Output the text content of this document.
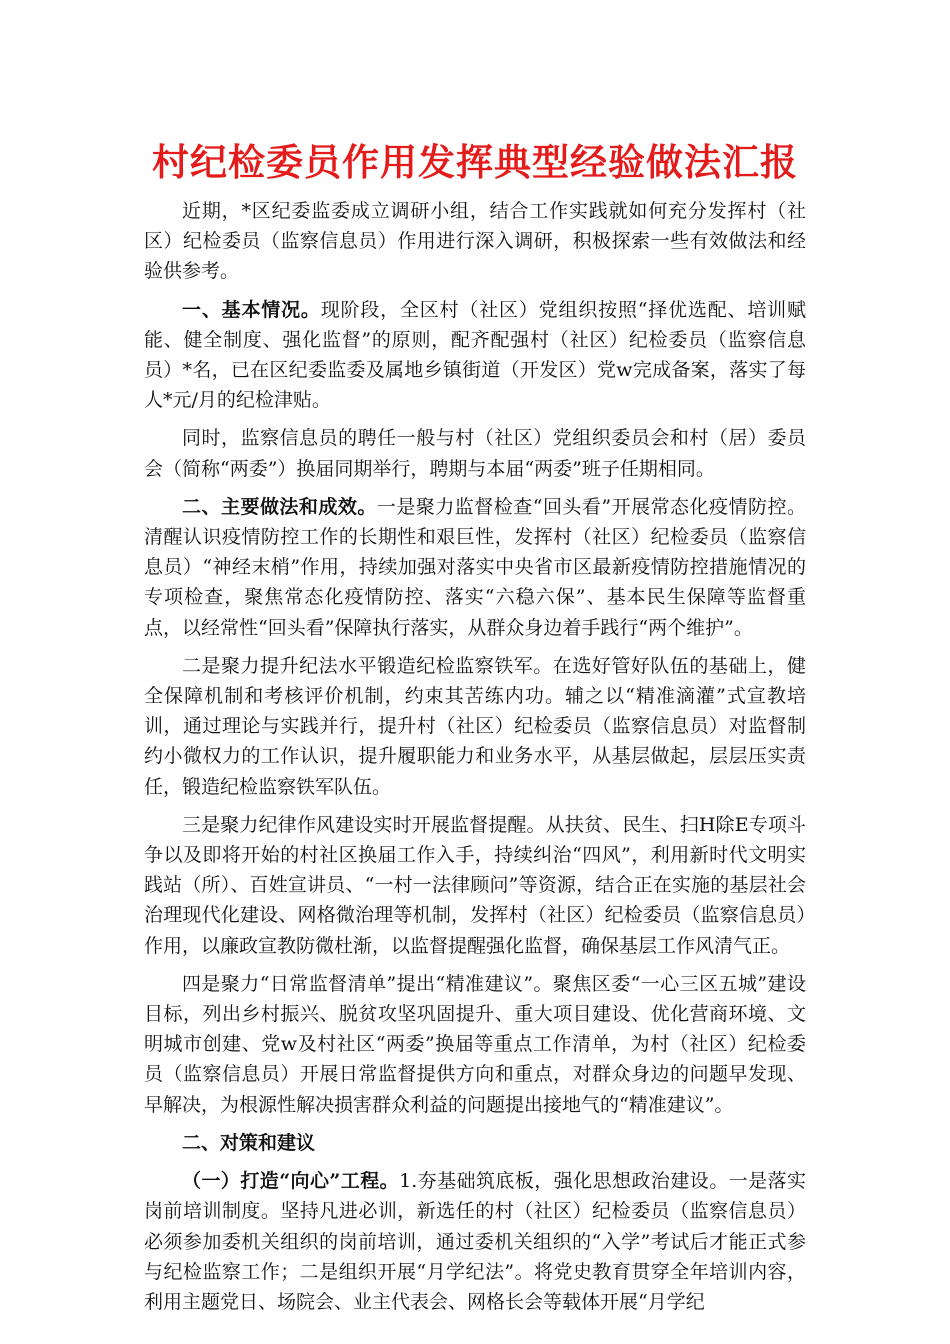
村纪检委员作用发挥典型经验做法汇报

近期，*区纪委监委成立调研小组，结合工作实践就如何充分发挥村（社区）纪检委员（监察信息员）作用进行深入调研，积极探索一些有效做法和经验供参考。

一、基本情况。现阶段，全区村（社区）党组织按照“择优选配、培训赋能、健全制度、强化监督”的原则，配齐配强村（社区）纪检委员（监察信息员）*名，已在区纪委监委及属地乡镇街道（开发区）党w完成备案，落实了每人*元/月的纪检津贴。

同时，监察信息员的聘任一般与村（社区）党组织委员会和村（居）委员会（简称“两委”）换届同期举行，聘期与本届“两委”班子任期相同。

二、主要做法和成效。一是聚力监督检查“回头看”开展常态化疫情防控。清醒认识疫情防控工作的长期性和艰巨性，发挥村（社区）纪检委员（监察信息员）“神经末梢”作用，持续加强对落实中央省市区最新疫情防控措施情况的专项检查，聚焦常态化疫情防控、落实“六稳六保”、基本民生保障等监督重点，以经常性“回头看”保障执行落实，从群众身边着手践行“两个维护”。

二是聚力提升纪法水平锻造纪检监察铁军。在选好管好队伍的基础上，健全保障机制和考核评价机制，约束其苦练内功。辅之以“精准滴灌”式宣教培训，通过理论与实践并行，提升村（社区）纪检委员（监察信息员）对监督制约小微权力的工作认识，提升履职能力和业务水平，从基层做起，层层压实责任，锻造纪检监察铁军队伍。

三是聚力纪律作风建设实时开展监督提醒。从扶贫、民生、扫H除E专项斗争以及即将开始的村社区换届工作入手，持续纠治“四风”，利用新时代文明实践站（所）、百姓宣讲员、“一村一法律顾问”等资源，结合正在实施的基层社会治理现代化建设、网格微治理等机制，发挥村（社区）纪检委员（监察信息员）作用，以廉政宣教防微杜渐，以监督提醒强化监督，确保基层工作风清气正。

四是聚力“日常监督清单”提出“精准建议”。聚焦区委“一心三区五城”建设目标，列出乡村振兴、脱贫攻坚巩固提升、重大项目建设、优化营商环境、文明城市创建、党w及村社区“两委”换届等重点工作清单，为村（社区）纪检委员（监察信息员）开展日常监督提供方向和重点，对群众身边的问题早发现、早解决，为根源性解决损害群众利益的问题提出接地气的“精准建议”。

二、对策和建议

（一）打造“向心”工程。1.夯基础筑底板，强化思想政治建设。一是落实岗前培训制度。坚持凡进必训，新选任的村（社区）纪检委员（监察信息员）必须参加委机关组织的岗前培训，通过委机关组织的“入学”考试后才能正式参与纪检监察工作；二是组织开展“月学纪法”。将党史教育贯穿全年培训内容，利用主题党日、场院会、业主代表会、网格长会等载体开展“月学纪
